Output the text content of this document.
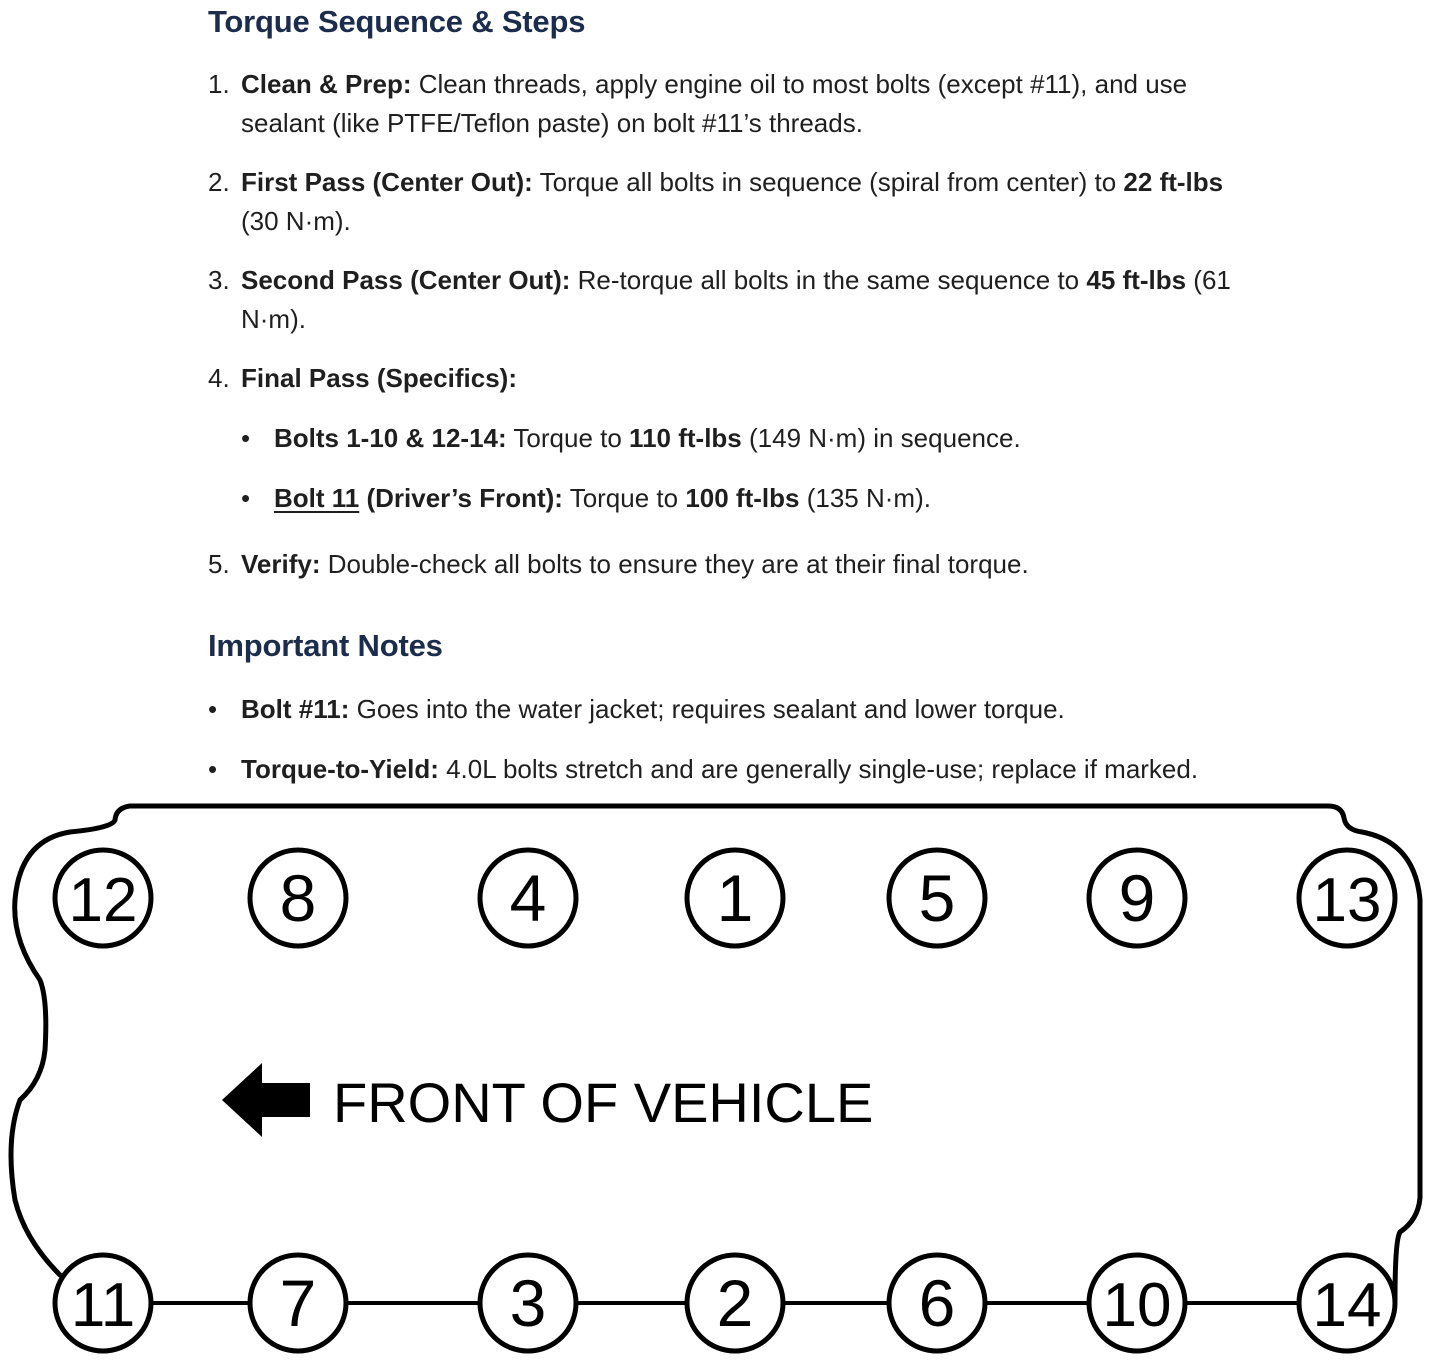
Torque Sequence & Steps
1. Clean & Prep: Clean threads, apply engine oil to most bolts (except #11), and use sealant (like PTFE/Teflon paste) on bolt #11’s threads.
2. First Pass (Center Out): Torque all bolts in sequence (spiral from center) to 22 ft-lbs (30 N·m).
3. Second Pass (Center Out): Re-torque all bolts in the same sequence to 45 ft-lbs (61 N·m).
4. Final Pass (Specifics):
• Bolts 1-10 & 12-14: Torque to 110 ft-lbs (149 N·m) in sequence.
• Bolt 11 (Driver’s Front): Torque to 100 ft-lbs (135 N·m).
5. Verify: Double-check all bolts to ensure they are at their final torque.
Important Notes
• Bolt #11: Goes into the water jacket; requires sealant and lower torque.
• Torque-to-Yield: 4.0L bolts stretch and are generally single-use; replace if marked.
12 8	4	1	5 9	13
11 7	3	2	6 10 14
FRONT OF VEHICLE
